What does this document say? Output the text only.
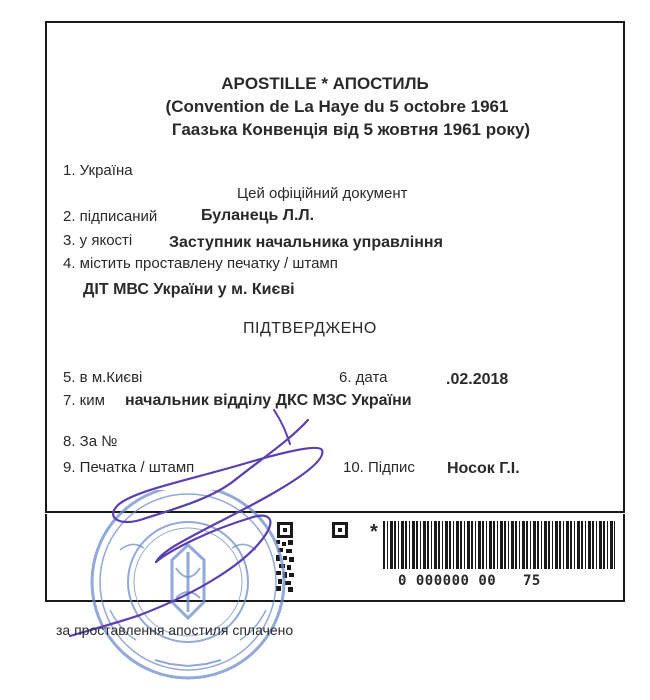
APOSTILLE * АПОСТИЛЬ
(Convention de La Haye du 5 octobre 1961
Гаазька Конвенція від 5 жовтня 1961 року)
1. Україна
Цей офіційний документ
2. підписаний	Буланець Л.Л.
3. у якості Заступник начальника управління
4. містить проставлену печатку / штамп
ДІТ МВС України у м. Києві
ПІДТВЕРДЖЕНО
5. в м.Києві	6. дата	.02.2018
7. ким начальник відділу ДКС МЗС України
8. За №
9. Печатка / штамп	10. Підпис Носок Г.І.
*
0 000000 00   75
за проставлення апостиля сплачено
